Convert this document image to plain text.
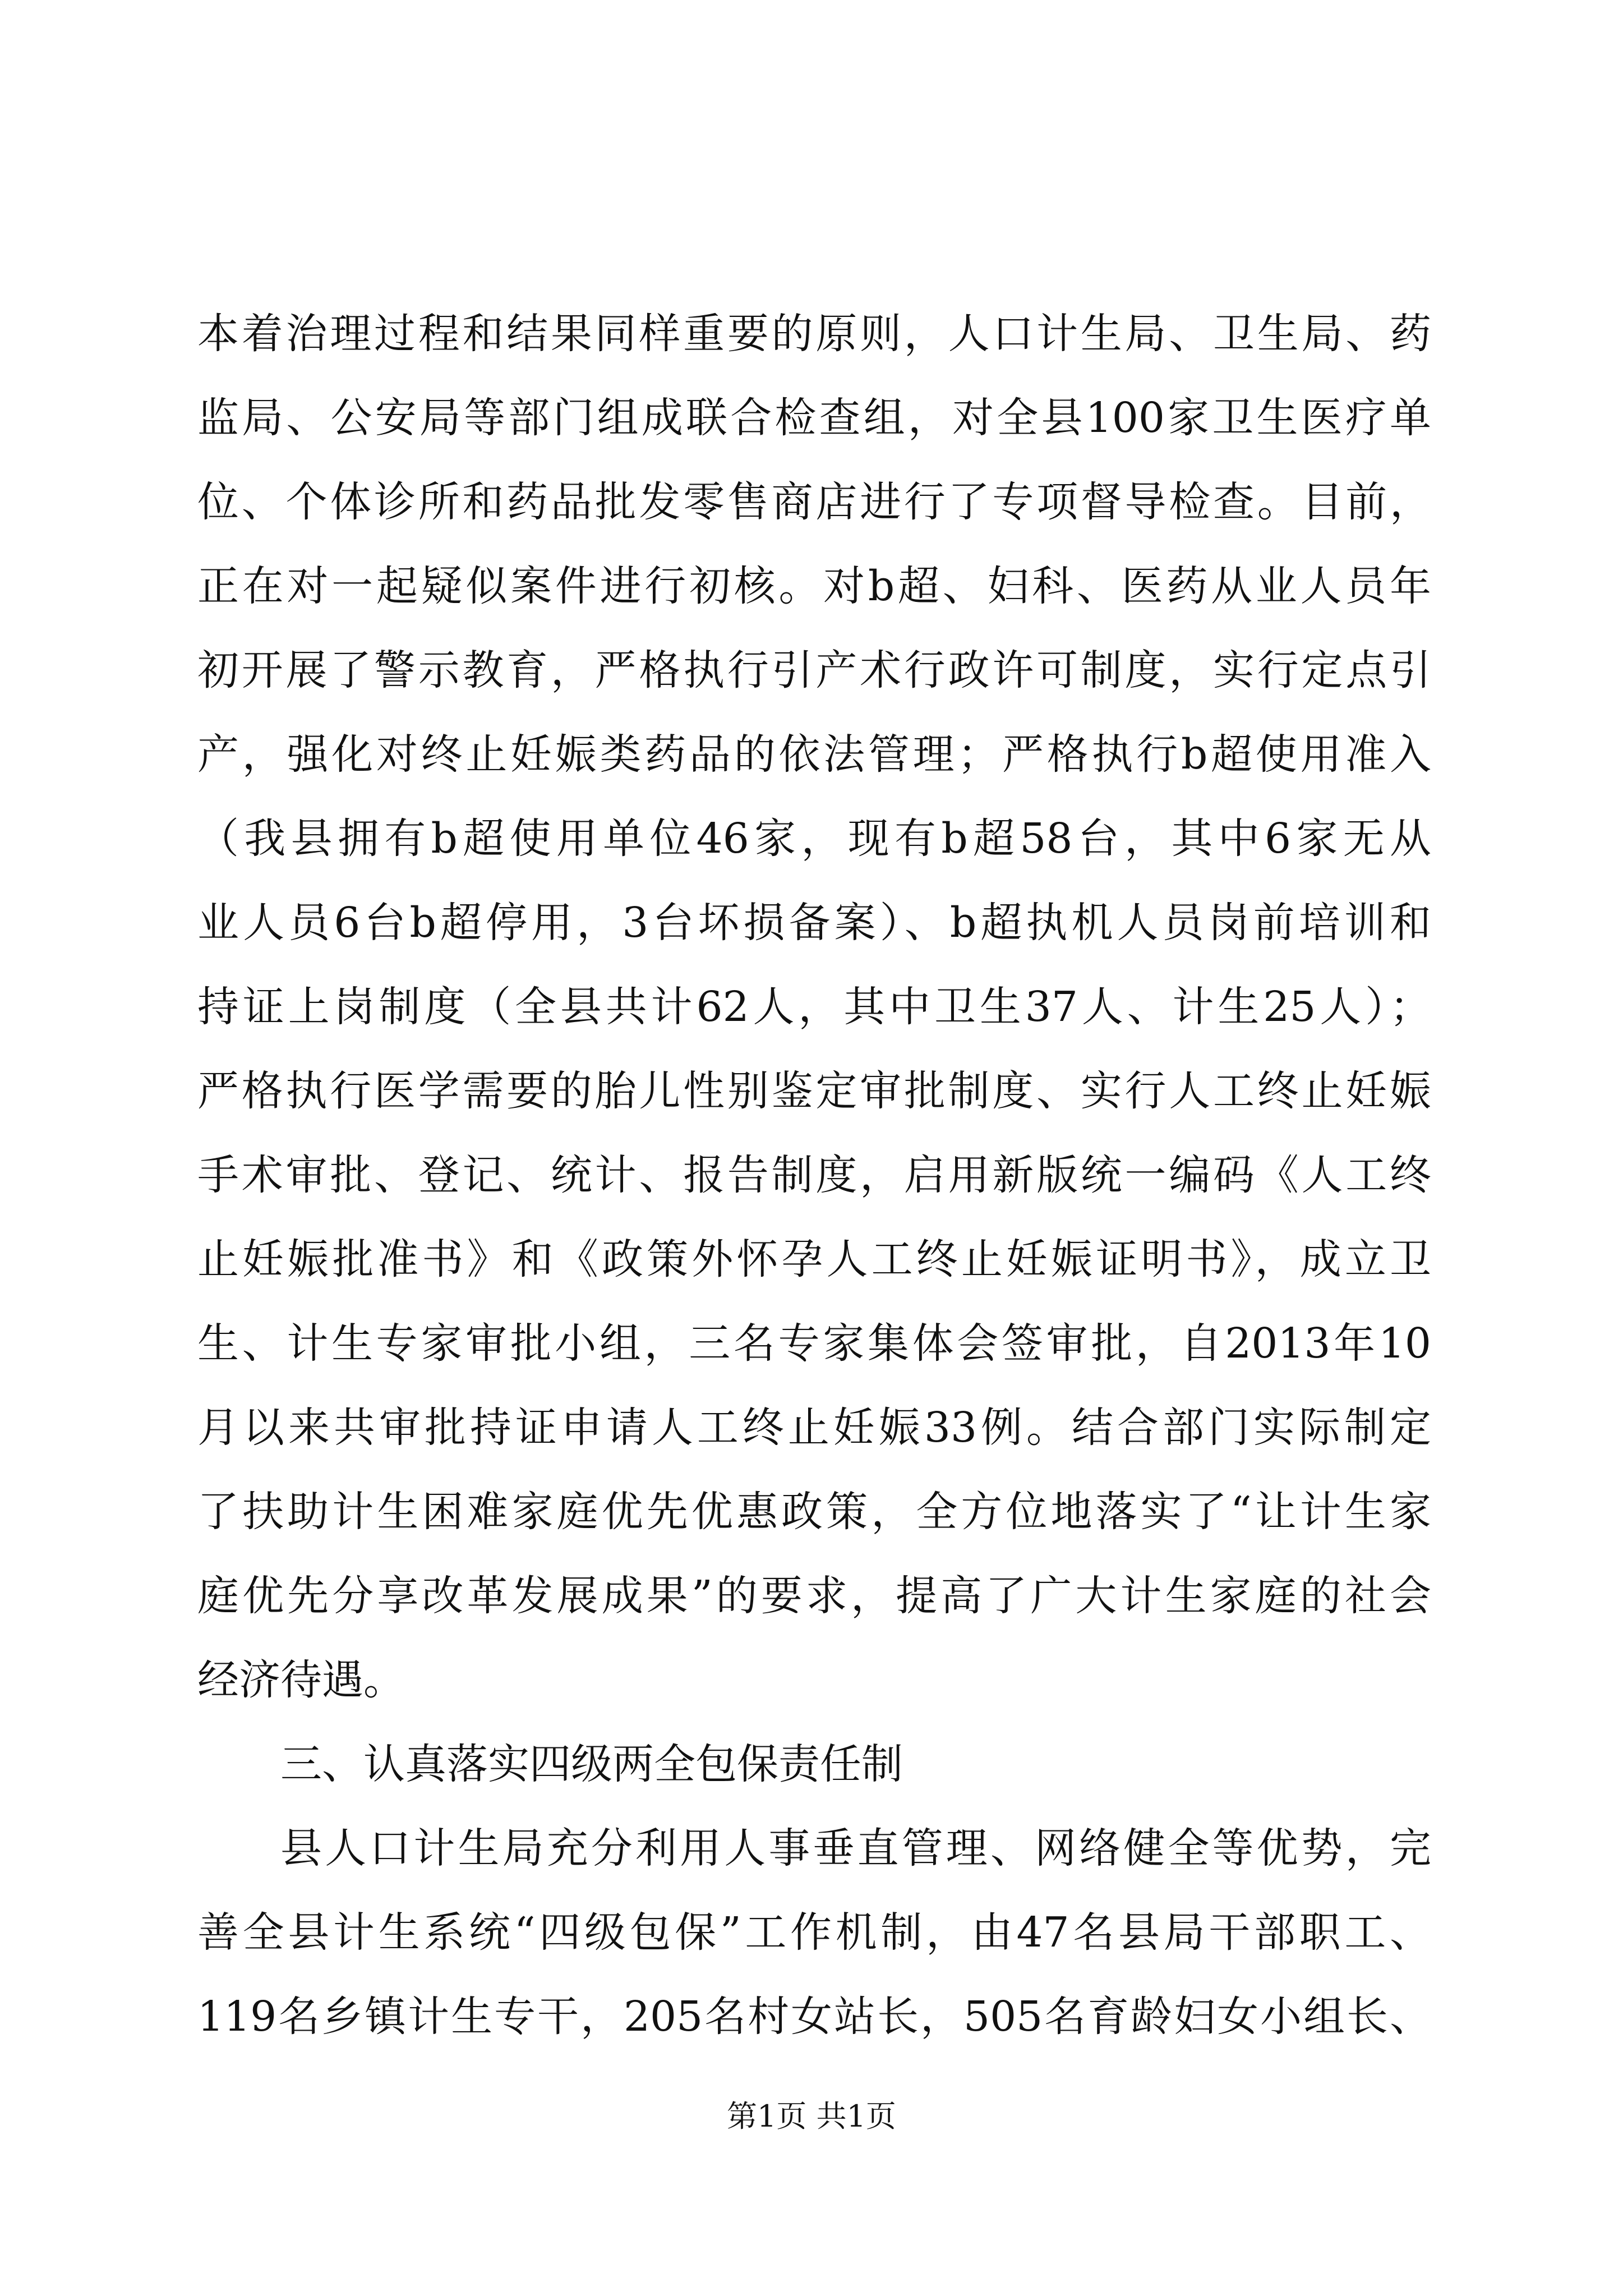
本着治理过程和结果同样重要的原则，人口计生局、卫生局、药
监局、公安局等部门组成联合检查组，对全县100家卫生医疗单
位、个体诊所和药品批发零售商店进行了专项督导检查。目前，
正在对一起疑似案件进行初核。对b超、妇科、医药从业人员年
初开展了警示教育，严格执行引产术行政许可制度，实行定点引
产，强化对终止妊娠类药品的依法管理；严格执行b超使用准入
（我县拥有b超使用单位46家，现有b超58台，其中6家无从
业人员6台b超停用，3台坏损备案）、b超执机人员岗前培训和
持证上岗制度（全县共计62人，其中卫生37人、计生25人）；
严格执行医学需要的胎儿性别鉴定审批制度、实行人工终止妊娠
手术审批、登记、统计、报告制度，启用新版统一编码《人工终
止妊娠批准书》和《政策外怀孕人工终止妊娠证明书》，成立卫
生、计生专家审批小组，三名专家集体会签审批，自2013年10
月以来共审批持证申请人工终止妊娠33例。结合部门实际制定
了扶助计生困难家庭优先优惠政策，全方位地落实了“让计生家
庭优先分享改革发展成果”的要求，提高了广大计生家庭的社会
经济待遇。
三、认真落实四级两全包保责任制
县人口计生局充分利用人事垂直管理、网络健全等优势，完
善全县计生系统“四级包保”工作机制，由47名县局干部职工、
119名乡镇计生专干，205名村女站长，505名育龄妇女小组长、
第1页 共1页
